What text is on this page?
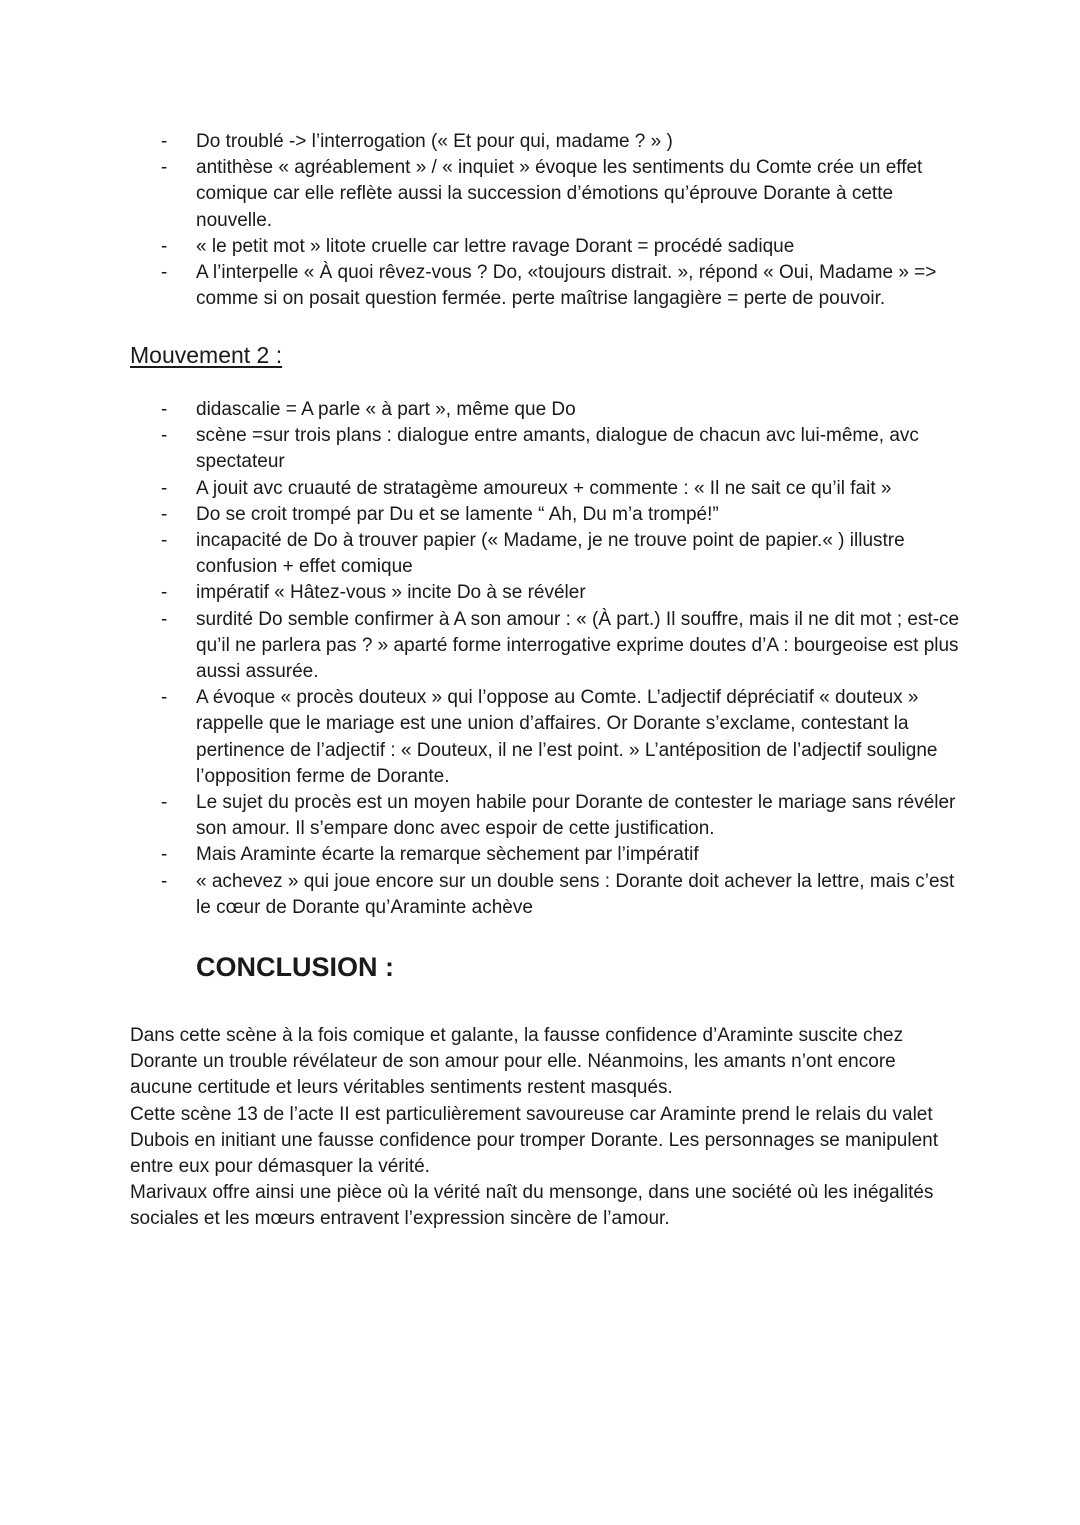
- Do troublé -> l’interrogation (« Et pour qui, madame ? » )
- antithèse « agréablement » / « inquiet » évoque les sentiments du Comte crée un effet comique car elle reflète aussi la succession d’émotions qu’éprouve Dorante à cette nouvelle.
- « le petit mot » litote cruelle car lettre ravage Dorant = procédé sadique
- A l’interpelle « À quoi rêvez-vous ? Do, «toujours distrait. », répond « Oui, Madame » => comme si on posait question fermée. perte maîtrise langagière = perte de pouvoir.
Mouvement 2 :
- didascalie = A parle « à part », même que Do
- scène =sur trois plans : dialogue entre amants, dialogue de chacun avc lui-même, avc spectateur
- A jouit avc cruauté de stratagème amoureux + commente : « Il ne sait ce qu’il fait »
- Do se croit trompé par Du et se lamente “ Ah, Du m’a trompé!”
- incapacité de Do à trouver papier (« Madame, je ne trouve point de papier.« ) illustre confusion + effet comique
- impératif « Hâtez-vous » incite Do à se révéler
- surdité Do semble confirmer à A son amour : « (À part.) Il souffre, mais il ne dit mot ; est-ce qu’il ne parlera pas ? » aparté forme interrogative exprime doutes d’A : bourgeoise est plus aussi assurée.
- A évoque « procès douteux » qui l’oppose au Comte. L’adjectif dépréciatif « douteux » rappelle que le mariage est une union d’affaires. Or Dorante s’exclame, contestant la pertinence de l’adjectif : « Douteux, il ne l’est point. » L’antéposition de l’adjectif souligne l’opposition ferme de Dorante.
- Le sujet du procès est un moyen habile pour Dorante de contester le mariage sans révéler son amour. Il s’empare donc avec espoir de cette justification.
- Mais Araminte écarte la remarque sèchement par l’impératif
- « achevez » qui joue encore sur un double sens : Dorante doit achever la lettre, mais c’est le cœur de Dorante qu’Araminte achève
CONCLUSION :

Dans cette scène à la fois comique et galante, la fausse confidence d’Araminte suscite chez Dorante un trouble révélateur de son amour pour elle. Néanmoins, les amants n’ont encore aucune certitude et leurs véritables sentiments restent masqués.

Cette scène 13 de l’acte II est particulièrement savoureuse car Araminte prend le relais du valet Dubois en initiant une fausse confidence pour tromper Dorante. Les personnages se manipulent entre eux pour démasquer la vérité.

Marivaux offre ainsi une pièce où la vérité naît du mensonge, dans une société où les inégalités sociales et les mœurs entravent l’expression sincère de l’amour.
